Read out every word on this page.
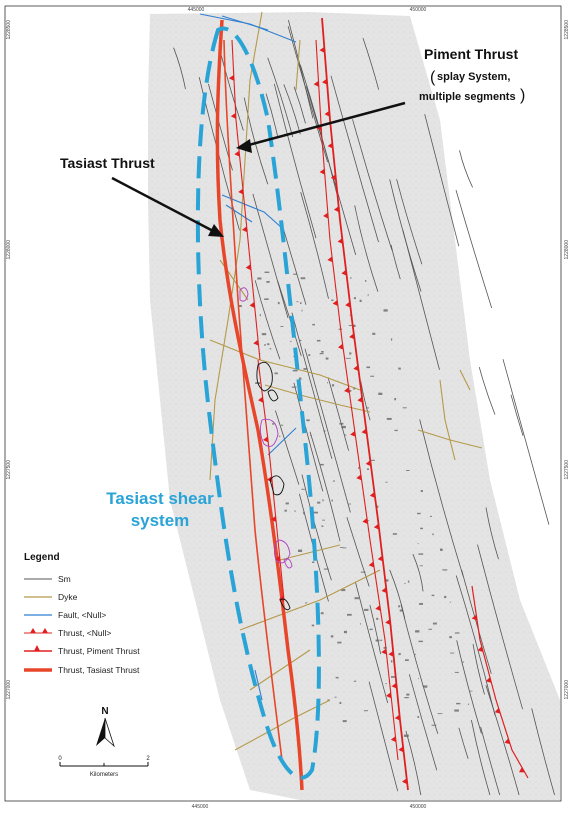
445000	450000
445000	450000
1228500
1228000
1227500
1227000
1228500
1228000
1227500
1227000
Piment Thrust
( splay System,
multiple segments )
Tasiast Thrust
Tasiast shear
system
Legend
Sm
Dyke
Fault, <Null>
Thrust, <Null>
Thrust, Piment Thrust
Thrust, Tasiast Thrust
N
0	2
Kilometers
